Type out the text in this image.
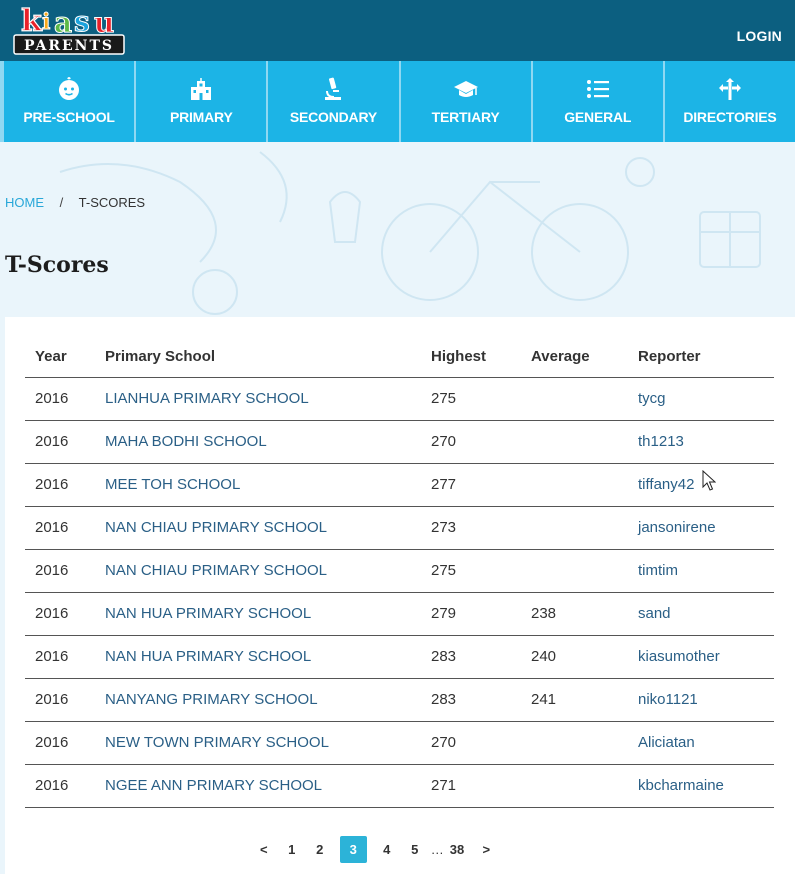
k i a s u
PARENTS
LOGIN
PRE-SCHOOL	PRIMARY	SECONDARY	TERTIARY	GENERAL	DIRECTORIES
HOME / T-SCORES
T-Scores
Year	Primary School	Highest	Average	Reporter
2016	LIANHUA PRIMARY SCHOOL	275		tycg
2016	MAHA BODHI SCHOOL	270		th1213
2016	MEE TOH SCHOOL	277		tiffany42
2016	NAN CHIAU PRIMARY SCHOOL	273		jansonirene
2016	NAN CHIAU PRIMARY SCHOOL	275		timtim
2016	NAN HUA PRIMARY SCHOOL	279	238	sand
2016	NAN HUA PRIMARY SCHOOL	283	240	kiasumother
2016	NANYANG PRIMARY SCHOOL	283	241	niko1121
2016	NEW TOWN PRIMARY SCHOOL	270		Aliciatan
2016	NGEE ANN PRIMARY SCHOOL	271		kbcharmaine
< 1 2	3	4 5 … 38 >
